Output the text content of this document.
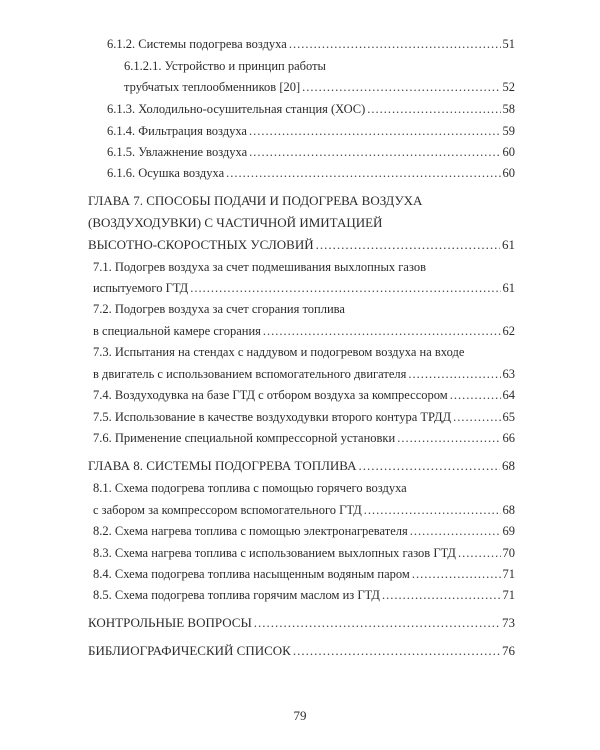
6.1.2. Системы подогрева воздуха .....	51
6.1.2.1. Устройство и принцип работы
трубчатых теплообменников [20] .....	52
6.1.3. Холодильно-осушительная станция (ХОС) .....	58
6.1.4. Фильтрация воздуха .....	59
6.1.5. Увлажнение воздуха .....	60
6.1.6. Осушка воздуха .....	60
ГЛАВА 7. СПОСОБЫ ПОДАЧИ И ПОДОГРЕВА ВОЗДУХА
(ВОЗДУХОДУВКИ) С ЧАСТИЧНОЙ ИМИТАЦИЕЙ
ВЫСОТНО-СКОРОСТНЫХ УСЛОВИЙ .....	61
7.1. Подогрев воздуха за счет подмешивания выхлопных газов
испытуемого ГТД .....	61
7.2. Подогрев воздуха за счет сгорания топлива
в специальной камере сгорания .....	62
7.3. Испытания на стендах с наддувом и подогревом воздуха на входе
в двигатель с использованием вспомогательного двигателя .....	63
7.4. Воздуходувка на базе ГТД с отбором воздуха за компрессором .....	64
7.5. Использование в качестве воздуходувки второго контура ТРДД .....	65
7.6. Применение специальной компрессорной установки .....	66
ГЛАВА 8. СИСТЕМЫ ПОДОГРЕВА ТОПЛИВА .....	68
8.1. Схема подогрева топлива с помощью горячего воздуха
с забором за компрессором вспомогательного ГТД .....	68
8.2. Схема нагрева топлива с помощью электронагревателя .....	69
8.3. Схема нагрева топлива с использованием выхлопных газов ГТД .....	70
8.4. Схема подогрева топлива насыщенным водяным паром .....	71
8.5. Схема подогрева топлива горячим маслом из ГТД .....	71
КОНТРОЛЬНЫЕ ВОПРОСЫ .....	73
БИБЛИОГРАФИЧЕСКИЙ СПИСОК .....	76
79
